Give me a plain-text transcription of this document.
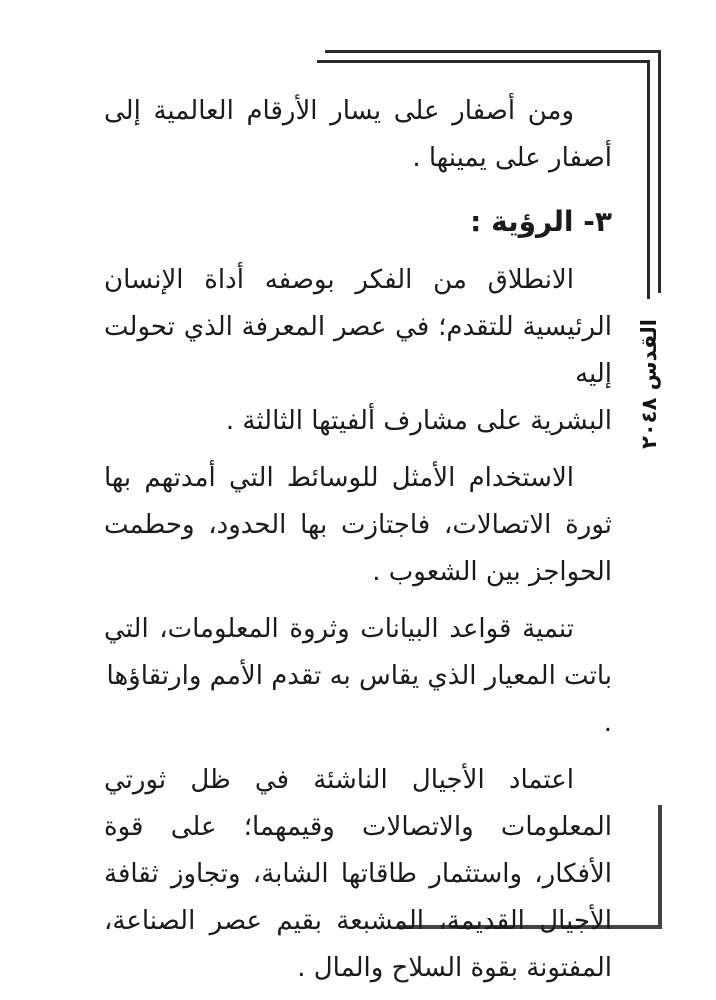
القدس ٢٠٤٨

ومن أصفار على يسار الأرقام العالمية إلى
أصفار على يمينها .

٣- الرؤية :

الانطلاق من الفكر بوصفه أداة الإنسان
الرئيسية للتقدم؛ في عصر المعرفة الذي تحولت إليه
البشرية على مشارف ألفيتها الثالثة .

الاستخدام الأمثل للوسائط التي أمدتهم بها
ثورة الاتصالات، فاجتازت بها الحدود، وحطمت
الحواجز بين الشعوب .

تنمية قواعد البيانات وثروة المعلومات، التي
باتت المعيار الذي يقاس به تقدم الأمم وارتقاؤها .

اعتماد الأجيال الناشئة في ظل ثورتي
المعلومات والاتصالات وقيمهما؛ على قوة
الأفكار، واستثمار طاقاتها الشابة، وتجاوز ثقافة
الأجيال القديمة، المشبعة بقيم عصر الصناعة،
المفتونة بقوة السلاح والمال .
